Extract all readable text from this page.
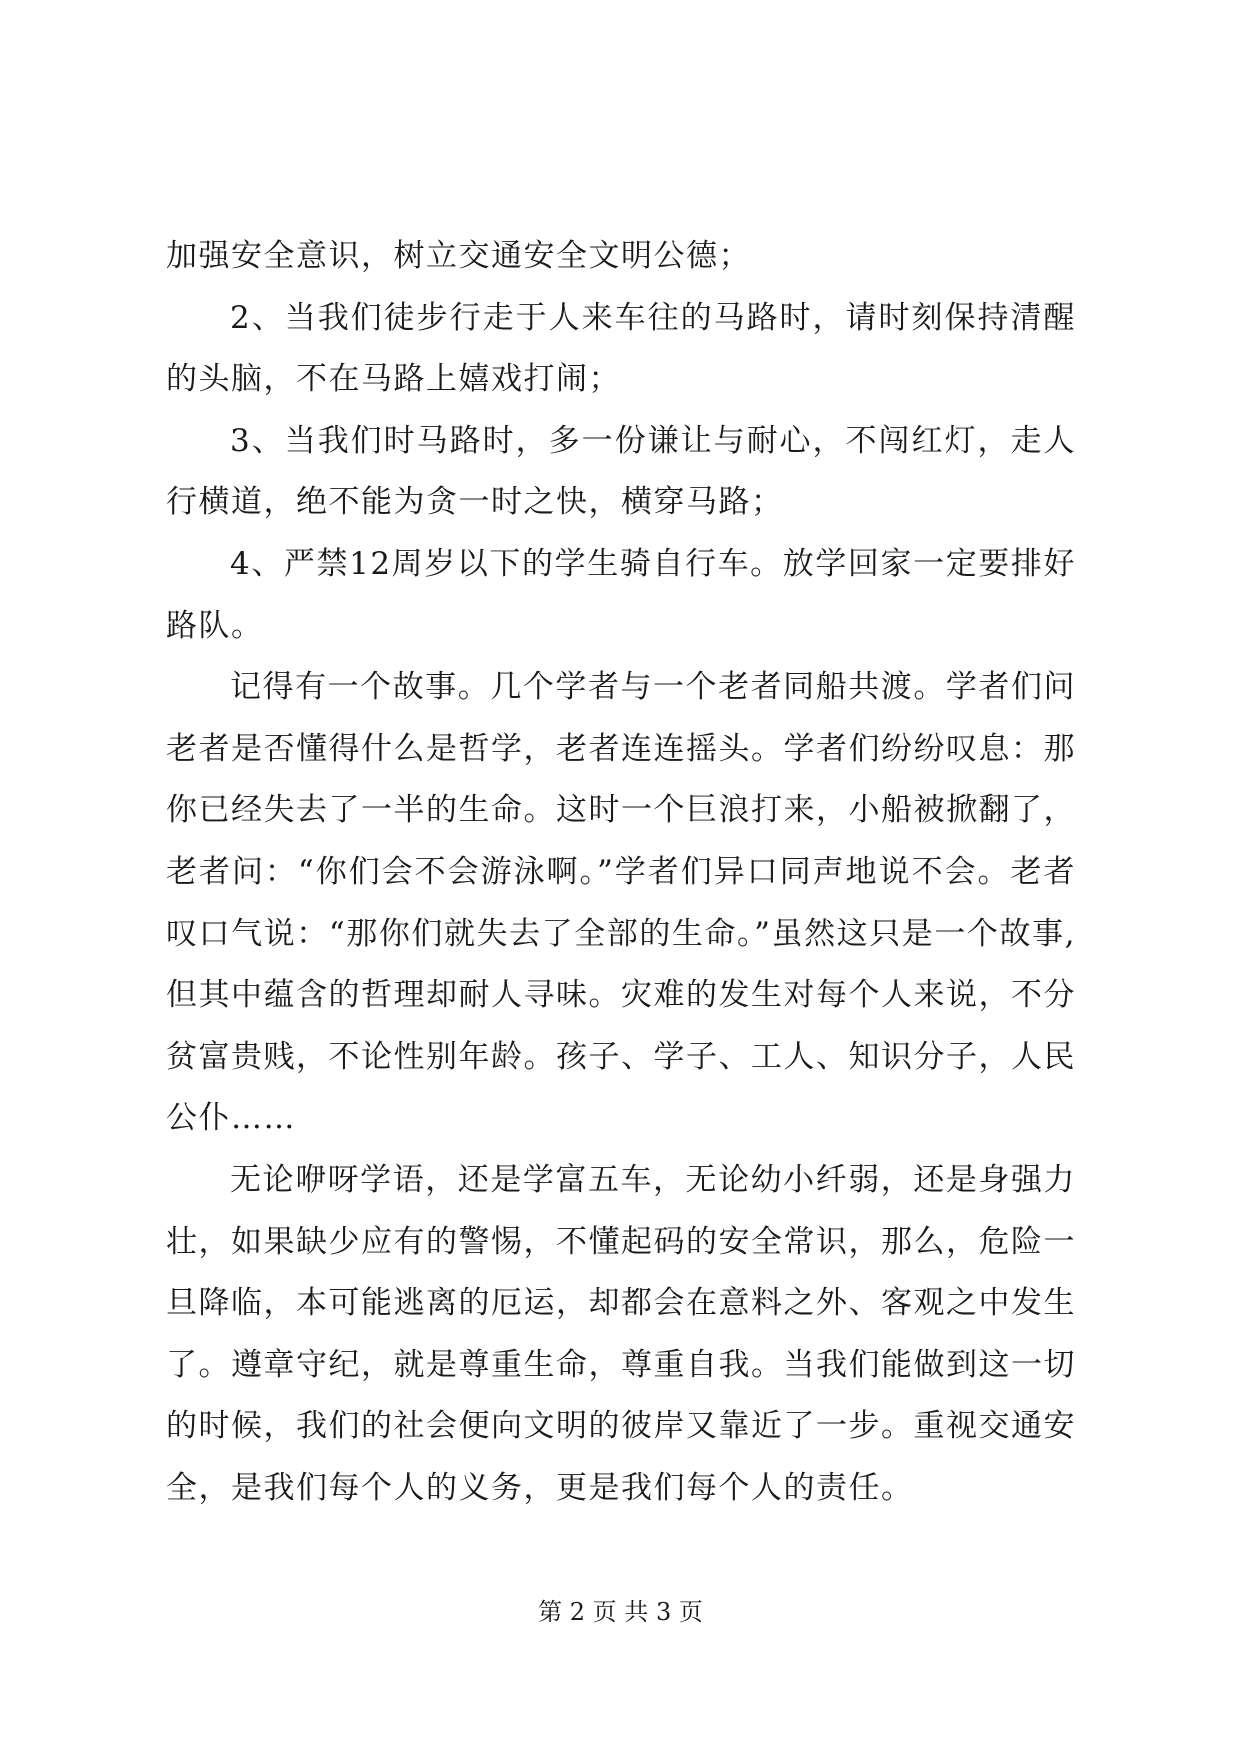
加强安全意识，树立交通安全文明公德；

2、当我们徒步行走于人来车往的马路时，请时刻保持清醒的头脑，不在马路上嬉戏打闹；

3、当我们时马路时，多一份谦让与耐心，不闯红灯，走人行横道，绝不能为贪一时之快，横穿马路；

4、严禁12周岁以下的学生骑自行车。放学回家一定要排好路队。

记得有一个故事。几个学者与一个老者同船共渡。学者们问老者是否懂得什么是哲学，老者连连摇头。学者们纷纷叹息：那你已经失去了一半的生命。这时一个巨浪打来，小船被掀翻了，老者问：“你们会不会游泳啊。”学者们异口同声地说不会。老者叹口气说：“那你们就失去了全部的生命。”虽然这只是一个故事,但其中蕴含的哲理却耐人寻味。灾难的发生对每个人来说，不分贫富贵贱，不论性别年龄。孩子、学子、工人、知识分子，人民公仆……

无论咿呀学语，还是学富五车，无论幼小纤弱，还是身强力壮，如果缺少应有的警惕，不懂起码的安全常识，那么，危险一旦降临，本可能逃离的厄运，却都会在意料之外、客观之中发生了。遵章守纪，就是尊重生命，尊重自我。当我们能做到这一切的时候，我们的社会便向文明的彼岸又靠近了一步。重视交通安全，是我们每个人的义务，更是我们每个人的责任。

第 2 页 共 3 页
